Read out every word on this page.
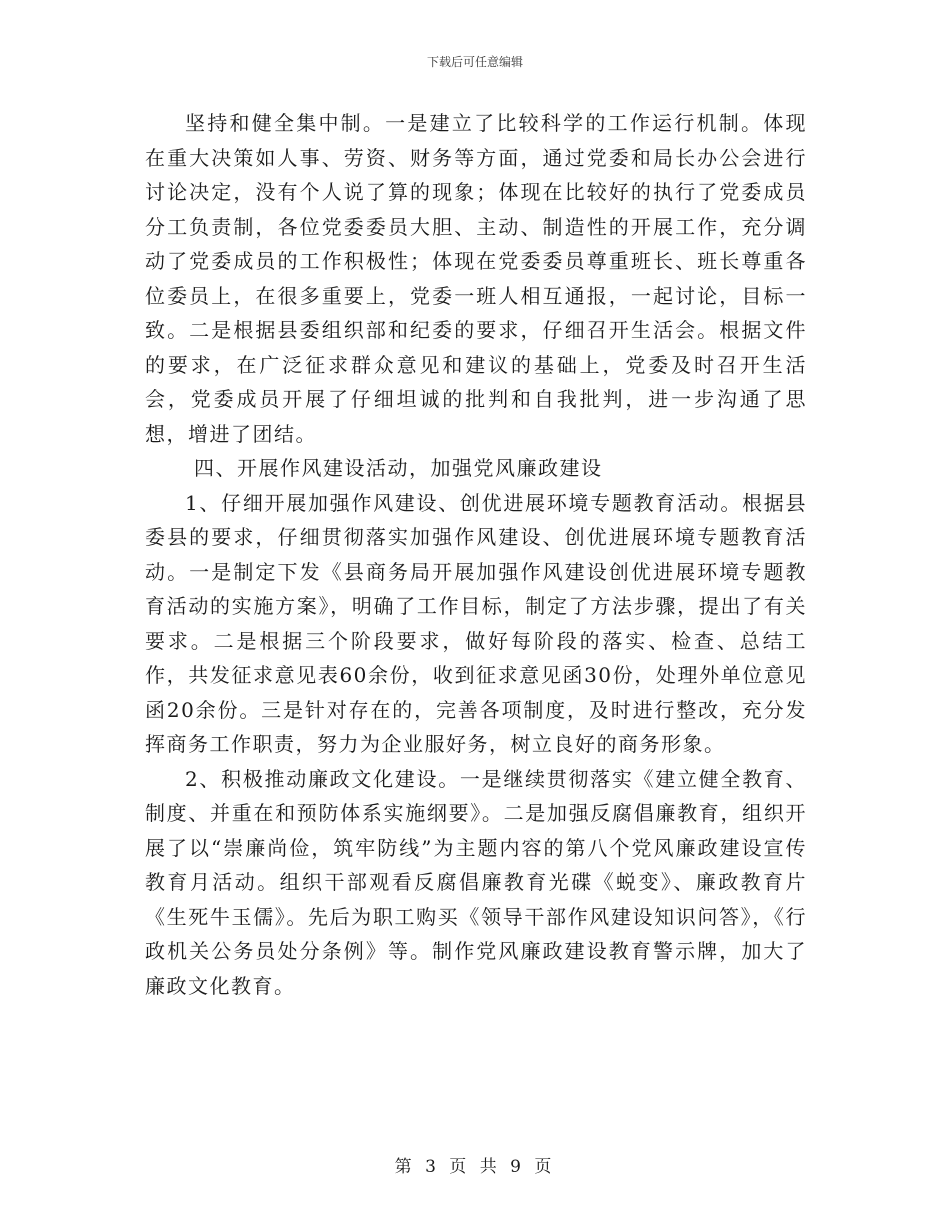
下载后可任意编辑

坚持和健全集中制。一是建立了比较科学的工作运行机制。体现在重大决策如人事、劳资、财务等方面，通过党委和局长办公会进行讨论决定，没有个人说了算的现象；体现在比较好的执行了党委成员分工负责制，各位党委委员大胆、主动、制造性的开展工作，充分调动了党委成员的工作积极性；体现在党委委员尊重班长、班长尊重各位委员上，在很多重要上，党委一班人相互通报，一起讨论，目标一致。二是根据县委组织部和纪委的要求，仔细召开生活会。根据文件的要求，在广泛征求群众意见和建议的基础上，党委及时召开生活会，党委成员开展了仔细坦诚的批判和自我批判，进一步沟通了思想，增进了团结。

四、开展作风建设活动，加强党风廉政建设

1、仔细开展加强作风建设、创优进展环境专题教育活动。根据县委县的要求，仔细贯彻落实加强作风建设、创优进展环境专题教育活动。一是制定下发《县商务局开展加强作风建设创优进展环境专题教育活动的实施方案》，明确了工作目标，制定了方法步骤，提出了有关要求。二是根据三个阶段要求，做好每阶段的落实、检查、总结工作，共发征求意见表60余份，收到征求意见函30份，处理外单位意见函20余份。三是针对存在的，完善各项制度，及时进行整改，充分发挥商务工作职责，努力为企业服好务，树立良好的商务形象。

2、积极推动廉政文化建设。一是继续贯彻落实《建立健全教育、制度、并重在和预防体系实施纲要》。二是加强反腐倡廉教育，组织开展了以“崇廉尚俭，筑牢防线”为主题内容的第八个党风廉政建设宣传教育月活动。组织干部观看反腐倡廉教育光碟《蜕变》、廉政教育片《生死牛玉儒》。先后为职工购买《领导干部作风建设知识问答》，《行政机关公务员处分条例》等。制作党风廉政建设教育警示牌，加大了廉政文化教育。

第 3 页 共 9 页
